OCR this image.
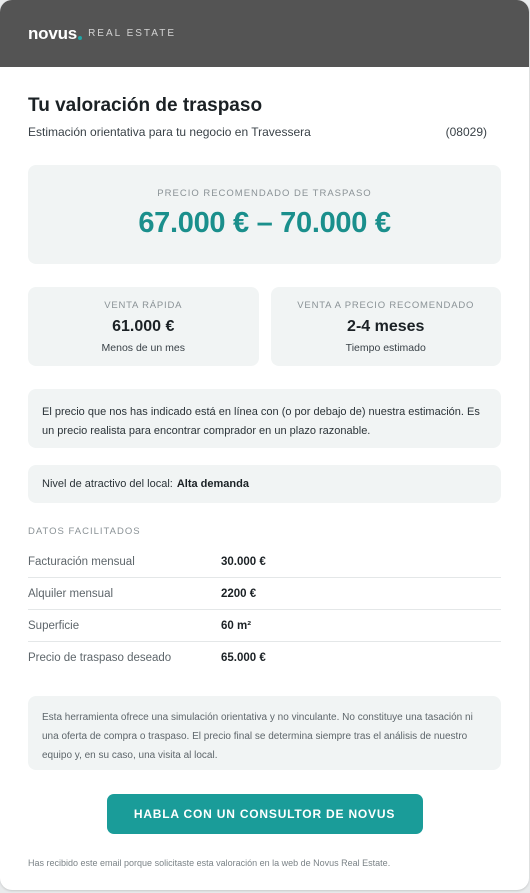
novus REAL ESTATE
Tu valoración de traspaso
Estimación orientativa para tu negocio en Travessera	(08029)
PRECIO RECOMENDADO DE TRASPASO
67.000 € – 70.000 €
VENTA RÁPIDA
61.000 €
Menos de un mes
VENTA A PRECIO RECOMENDADO
2-4 meses
Tiempo estimado
El precio que nos has indicado está en línea con (o por debajo de) nuestra estimación. Es un precio realista para encontrar comprador en un plazo razonable.
Nivel de atractivo del local: Alta demanda
DATOS FACILITADOS
Facturación mensual	30.000 €
Alquiler mensual	2200 €
Superficie	60 m²
Precio de traspaso deseado	65.000 €
Esta herramienta ofrece una simulación orientativa y no vinculante. No constituye una tasación ni una oferta de compra o traspaso. El precio final se determina siempre tras el análisis de nuestro equipo y, en su caso, una visita al local.
HABLA CON UN CONSULTOR DE NOVUS
Has recibido este email porque solicitaste esta valoración en la web de Novus Real Estate.
